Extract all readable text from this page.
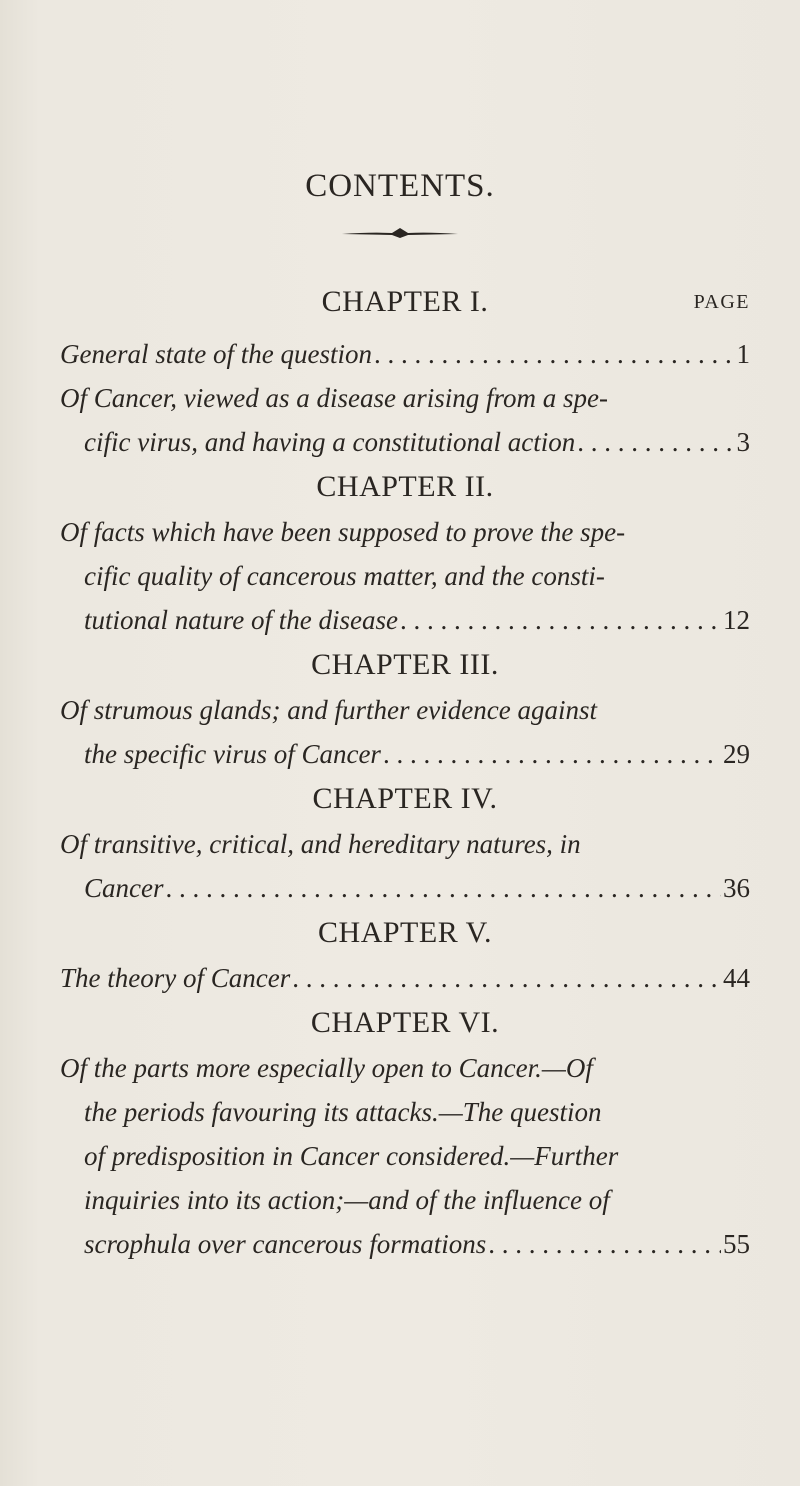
CONTENTS.
CHAPTER I.	PAGE
General state of the question . . .	1
Of Cancer, viewed as a disease arising from a spe-
cific virus, and having a constitutional action . . .	3
CHAPTER II.
Of facts which have been supposed to prove the spe-
cific quality of cancerous matter, and the consti-
tutional nature of the disease . . .	12
CHAPTER III.
Of strumous glands; and further evidence against
the specific virus of Cancer . . .	29
CHAPTER IV.
Of transitive, critical, and hereditary natures, in
Cancer . . .	36
CHAPTER V.
The theory of Cancer . . .	44
CHAPTER VI.
Of the parts more especially open to Cancer.—Of
the periods favouring its attacks.—The question
of predisposition in Cancer considered.—Further
inquiries into its action;—and of the influence of
scrophula over cancerous formations . . .	55
